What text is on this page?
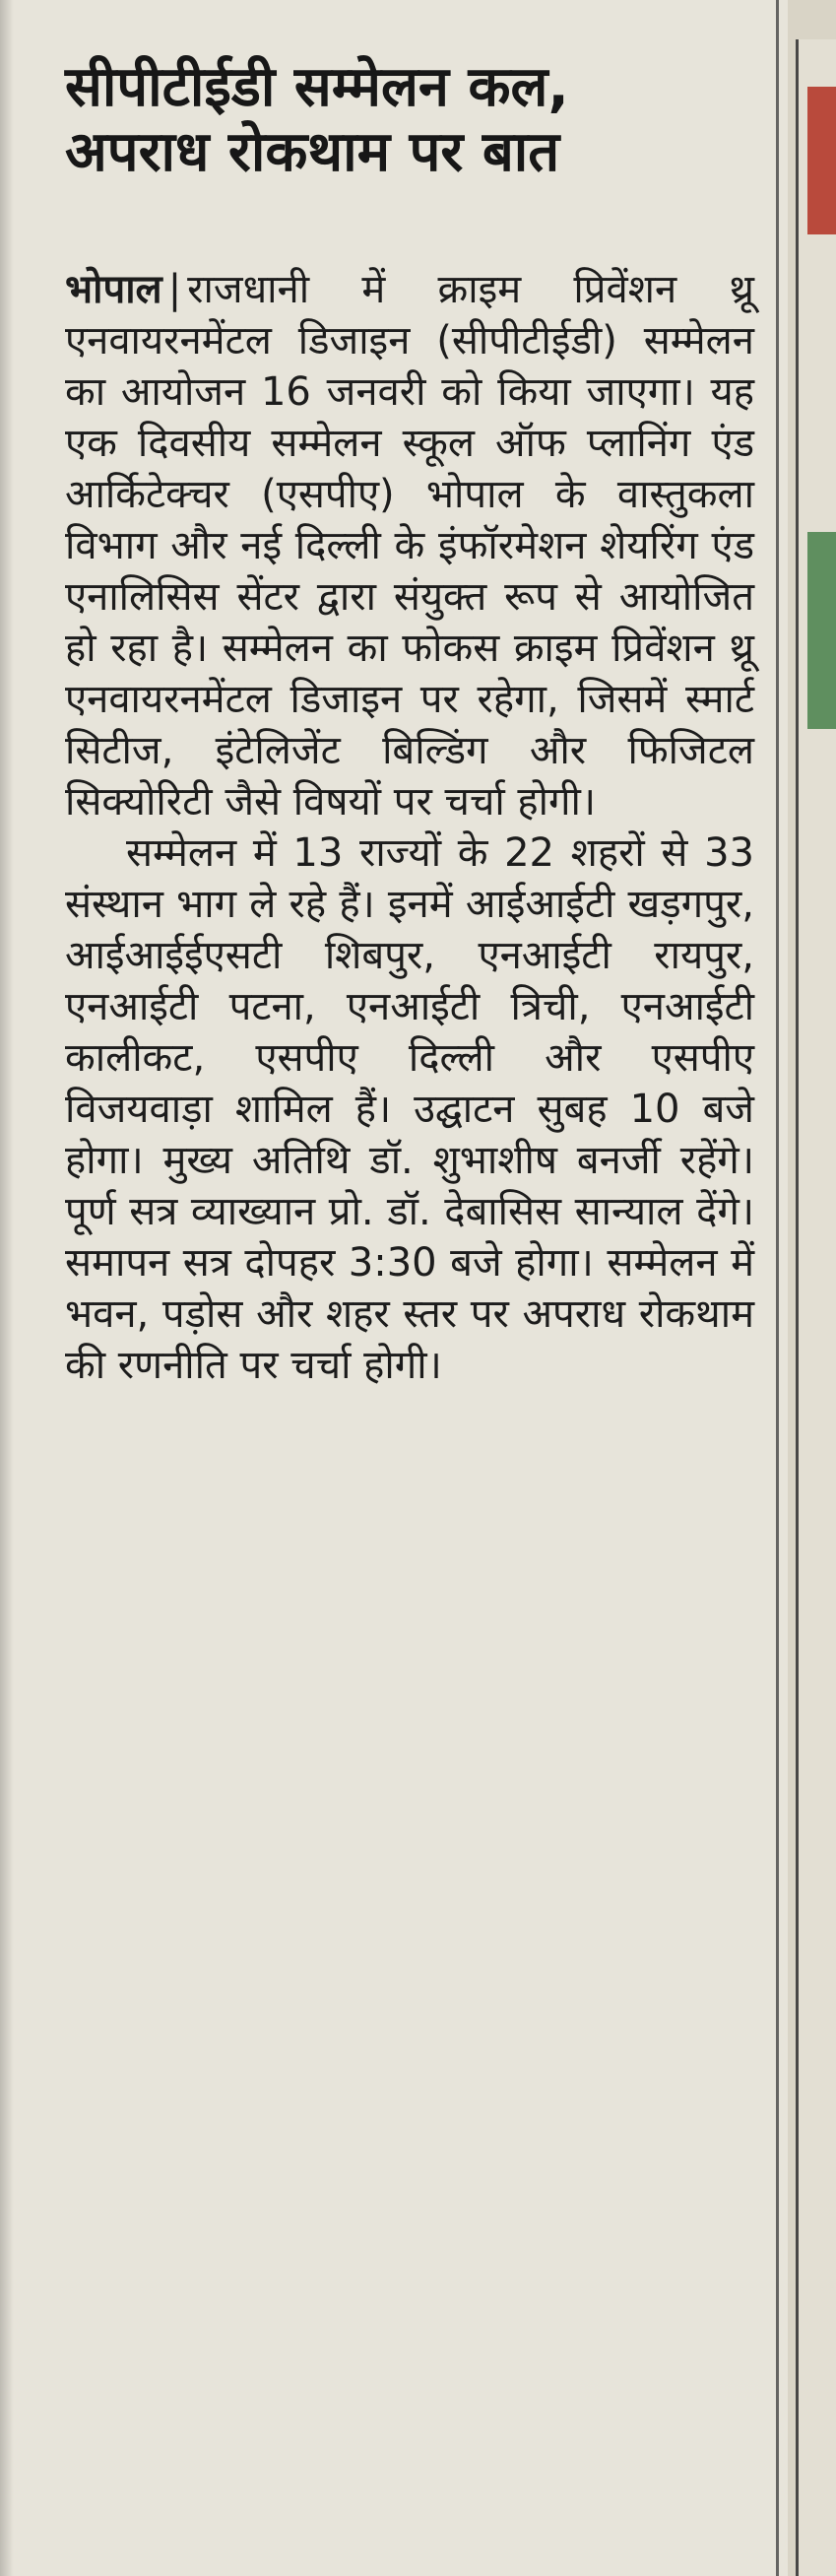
सीपीटीईडी सम्मेलन कल,
अपराध रोकथाम पर बात

भोपाल | राजधानी में क्राइम प्रिवेंशन थ्रू एनवायरनमेंटल डिजाइन (सीपीटीईडी) सम्मेलन का आयोजन 16 जनवरी को किया जाएगा। यह एक दिवसीय सम्मेलन स्कूल ऑफ प्लानिंग एंड आर्किटेक्चर (एसपीए) भोपाल के वास्तुकला विभाग और नई दिल्ली के इंफॉरमेशन शेयरिंग एंड एनालिसिस सेंटर द्वारा संयुक्त रूप से आयोजित हो रहा है। सम्मेलन का फोकस क्राइम प्रिवेंशन थ्रू एनवायरनमेंटल डिजाइन पर रहेगा, जिसमें स्मार्ट सिटीज, इंटेलिजेंट बिल्डिंग और फिजिटल सिक्योरिटी जैसे विषयों पर चर्चा होगी।

सम्मेलन में 13 राज्यों के 22 शहरों से 33 संस्थान भाग ले रहे हैं। इनमें आईआईटी खड़गपुर, आईआईईएसटी शिबपुर, एनआईटी रायपुर, एनआईटी पटना, एनआईटी त्रिची, एनआईटी कालीकट, एसपीए दिल्ली और एसपीए विजयवाड़ा शामिल हैं। उद्घाटन सुबह 10 बजे होगा। मुख्य अतिथि डॉ. शुभाशीष बनर्जी रहेंगे। पूर्ण सत्र व्याख्यान प्रो. डॉ. देबासिस सान्याल देंगे। समापन सत्र दोपहर 3:30 बजे होगा। सम्मेलन में भवन, पड़ोस और शहर स्तर पर अपराध रोकथाम की रणनीति पर चर्चा होगी।
